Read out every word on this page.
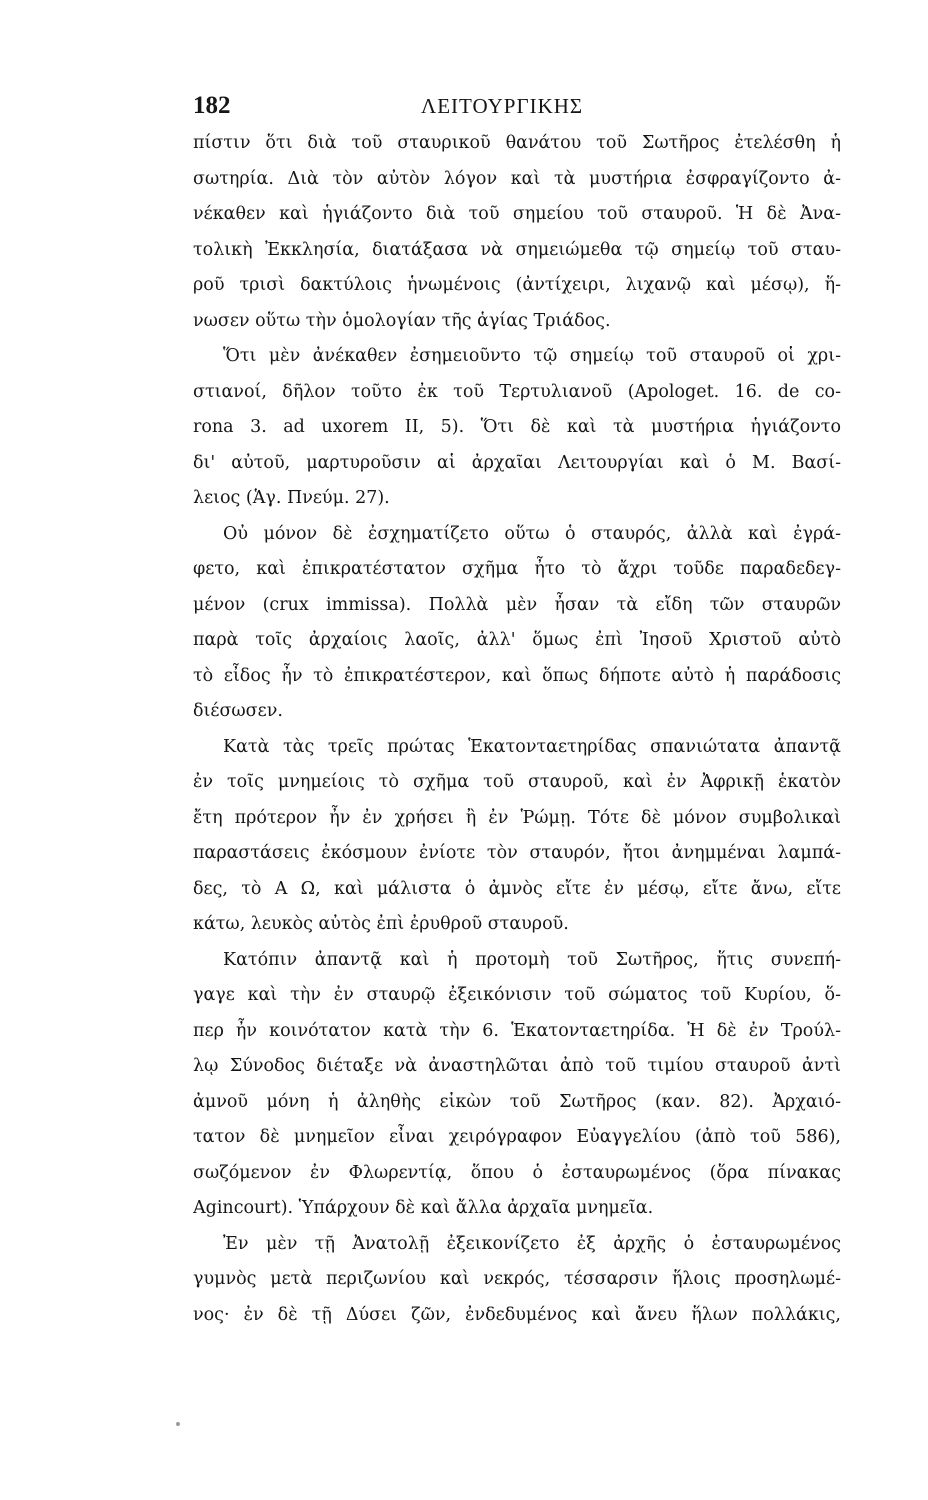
182	ΛΕΙΤΟΥΡΓΙΚΗΣ
πίστιν ὅτι διὰ τοῦ σταυρικοῦ θανάτου τοῦ Σωτῆρος ἐτελέσθη ἡ
σωτηρία. Διὰ τὸν αὐτὸν λόγον καὶ τὰ μυστήρια ἐσφραγίζοντο ἀ-
νέκαθεν καὶ ἡγιάζοντο διὰ τοῦ σημείου τοῦ σταυροῦ. Ἡ δὲ Ἀνα-
τολικὴ Ἐκκλησία, διατάξασα νὰ σημειώμεθα τῷ σημείῳ τοῦ σταυ-
ροῦ τρισὶ δακτύλοις ἡνωμένοις (ἀντίχειρι, λιχανῷ καὶ μέσῳ), ἥ-
νωσεν οὕτω τὴν ὁμολογίαν τῆς ἁγίας Τριάδος.
Ὅτι μὲν ἀνέκαθεν ἐσημειοῦντο τῷ σημείῳ τοῦ σταυροῦ οἱ χρι-
στιανοί, δῆλον τοῦτο ἐκ τοῦ Τερτυλιανοῦ (Apologet. 16. de co-
rona 3. ad uxorem II, 5). Ὅτι δὲ καὶ τὰ μυστήρια ἡγιάζοντο
δι' αὐτοῦ, μαρτυροῦσιν αἱ ἀρχαῖαι Λειτουργίαι καὶ ὁ Μ. Βασί-
λειος (Ἁγ. Πνεύμ. 27).
Οὐ μόνον δὲ ἐσχηματίζετο οὕτω ὁ σταυρός, ἀλλὰ καὶ ἐγρά-
φετο, καὶ ἐπικρατέστατον σχῆμα ἦτο τὸ ἄχρι τοῦδε παραδεδεγ-
μένον (crux immissa). Πολλὰ μὲν ἦσαν τὰ εἴδη τῶν σταυρῶν
παρὰ τοῖς ἀρχαίοις λαοῖς, ἀλλ' ὅμως ἐπὶ Ἰησοῦ Χριστοῦ αὐτὸ
τὸ εἶδος ἦν τὸ ἐπικρατέστερον, καὶ ὅπως δήποτε αὐτὸ ἡ παράδοσις
διέσωσεν.
Κατὰ τὰς τρεῖς πρώτας Ἑκατονταετηρίδας σπανιώτατα ἀπαντᾷ
ἐν τοῖς μνημείοις τὸ σχῆμα τοῦ σταυροῦ, καὶ ἐν Ἀφρικῇ ἑκατὸν
ἔτη πρότερον ἦν ἐν χρήσει ἢ ἐν Ῥώμῃ. Τότε δὲ μόνον συμβολικαὶ
παραστάσεις ἐκόσμουν ἐνίοτε τὸν σταυρόν, ἤτοι ἀνημμέναι λαμπά-
δες, τὸ Α Ω, καὶ μάλιστα ὁ ἀμνὸς εἴτε ἐν μέσῳ, εἴτε ἄνω, εἴτε
κάτω, λευκὸς αὐτὸς ἐπὶ ἐρυθροῦ σταυροῦ.
Κατόπιν ἀπαντᾷ καὶ ἡ προτομὴ τοῦ Σωτῆρος, ἥτις συνεπή-
γαγε καὶ τὴν ἐν σταυρῷ ἐξεικόνισιν τοῦ σώματος τοῦ Κυρίου, ὅ-
περ ἦν κοινότατον κατὰ τὴν 6. Ἑκατονταετηρίδα. Ἡ δὲ ἐν Τρούλ-
λῳ Σύνοδος διέταξε νὰ ἀναστηλῶται ἀπὸ τοῦ τιμίου σταυροῦ ἀντὶ
ἀμνοῦ μόνη ἡ ἀληθὴς εἰκὼν τοῦ Σωτῆρος (καν. 82). Ἀρχαιό-
τατον δὲ μνημεῖον εἶναι χειρόγραφον Εὐαγγελίου (ἀπὸ τοῦ 586),
σωζόμενον ἐν Φλωρεντίᾳ, ὅπου ὁ ἐσταυρωμένος (ὅρα πίνακας
Agincourt). Ὑπάρχουν δὲ καὶ ἄλλα ἀρχαῖα μνημεῖα.
Ἐν μὲν τῇ Ἀνατολῇ ἐξεικονίζετο ἐξ ἀρχῆς ὁ ἐσταυρωμένος
γυμνὸς μετὰ περιζωνίου καὶ νεκρός, τέσσαρσιν ἥλοις προσηλωμέ-
νος· ἐν δὲ τῇ Δύσει ζῶν, ἐνδεδυμένος καὶ ἄνευ ἥλων πολλάκις,
